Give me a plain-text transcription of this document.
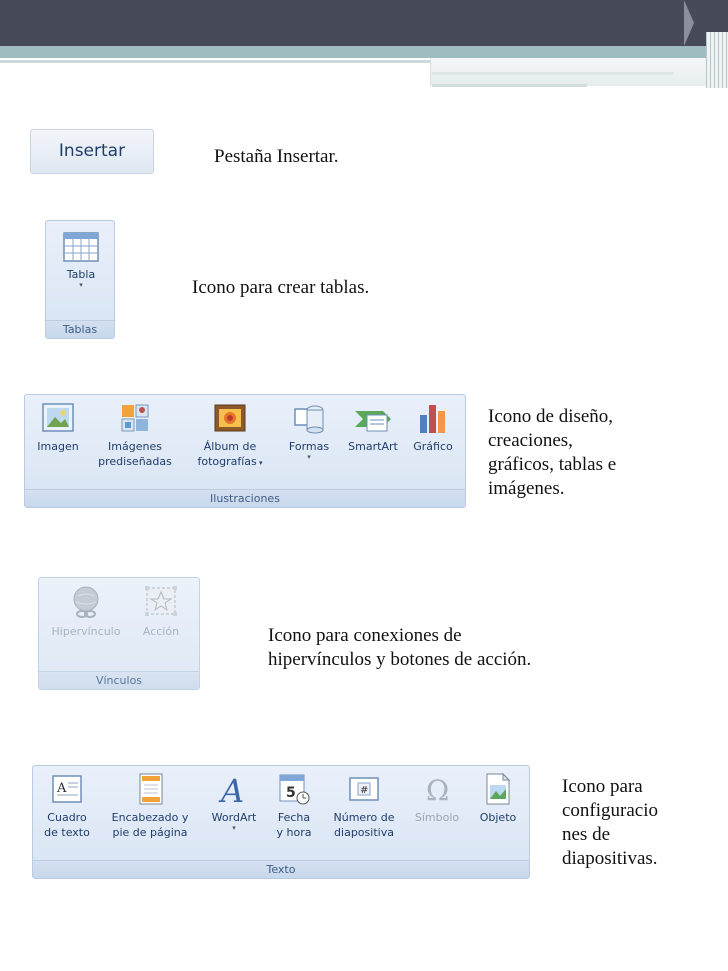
Insertar	Pestaña Insertar.
Tabla
▾
Tablas
Icono para crear tablas.
Imagen	Imágenes
prediseñadas
Álbum de
fotografías ▾
Formas
▾
SmartArt	Gráfico
Ilustraciones
Icono de diseño,
creaciones,
gráficos, tablas e
imágenes.
Hipervínculo	Acción
Vínculos
Icono para conexiones de
hipervínculos y botones de acción.
A
Cuadro
de texto
Encabezado y
pie de página
A
WordArt
▾
5
Fecha
y hora
#
Número de
diapositiva
Ω
Símbolo	Objeto
Texto
Icono para
configuracio
nes de
diapositivas.
